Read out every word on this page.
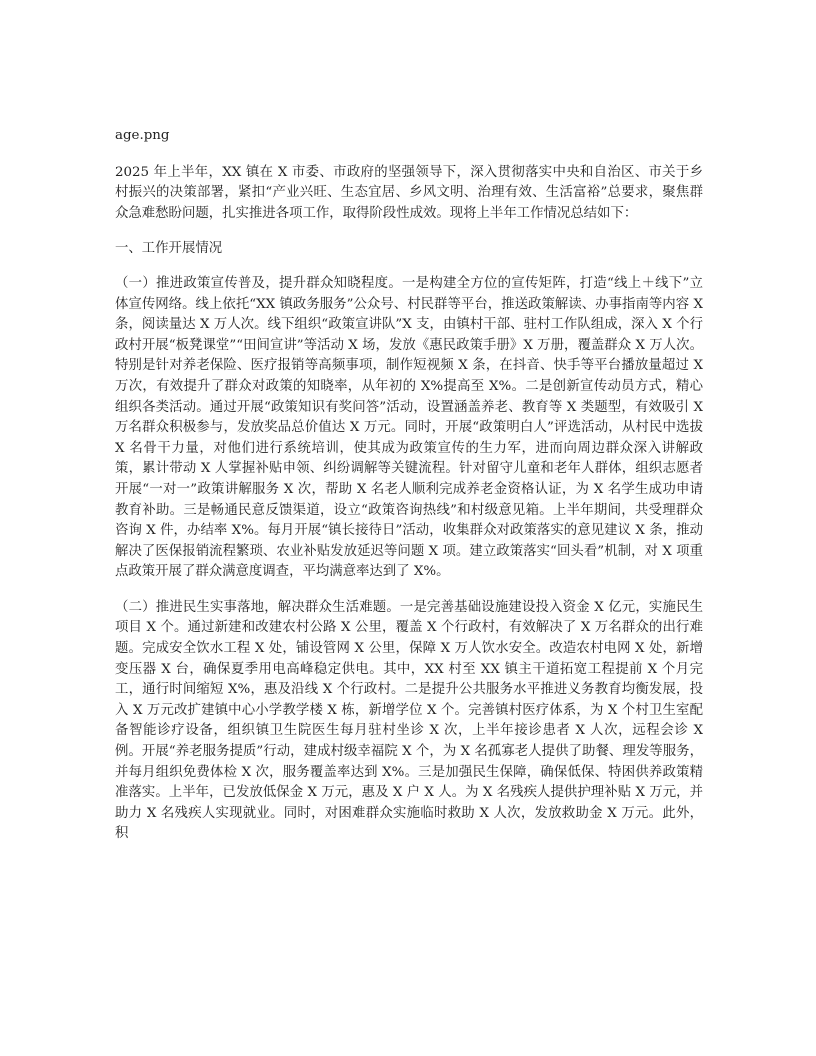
age.png

2025 年上半年，XX 镇在 X 市委、市政府的坚强领导下，深入贯彻落实中央和自治区、市关于乡村振兴的决策部署，紧扣“产业兴旺、生态宜居、乡风文明、治理有效、生活富裕”总要求，聚焦群众急难愁盼问题，扎实推进各项工作，取得阶段性成效。现将上半年工作情况总结如下：

一、工作开展情况

（一）推进政策宣传普及，提升群众知晓程度。一是构建全方位的宣传矩阵，打造“线上＋线下”立体宣传网络。线上依托“XX 镇政务服务”公众号、村民群等平台，推送政策解读、办事指南等内容 X 条，阅读量达 X 万人次。线下组织“政策宣讲队”X 支，由镇村干部、驻村工作队组成，深入 X 个行政村开展“板凳课堂”“田间宣讲”等活动 X 场，发放《惠民政策手册》X 万册，覆盖群众 X 万人次。特别是针对养老保险、医疗报销等高频事项，制作短视频 X 条，在抖音、快手等平台播放量超过 X 万次，有效提升了群众对政策的知晓率，从年初的 X%提高至 X%。二是创新宣传动员方式，精心组织各类活动。通过开展“政策知识有奖问答”活动，设置涵盖养老、教育等 X 类题型，有效吸引 X 万名群众积极参与，发放奖品总价值达 X 万元。同时，开展“政策明白人”评选活动，从村民中选拔 X 名骨干力量，对他们进行系统培训，使其成为政策宣传的生力军，进而向周边群众深入讲解政策，累计带动 X 人掌握补贴申领、纠纷调解等关键流程。针对留守儿童和老年人群体，组织志愿者开展“一对一”政策讲解服务 X 次，帮助 X 名老人顺利完成养老金资格认证，为 X 名学生成功申请教育补助。三是畅通民意反馈渠道，设立“政策咨询热线”和村级意见箱。上半年期间，共受理群众咨询 X 件，办结率 X%。每月开展“镇长接待日”活动，收集群众对政策落实的意见建议 X 条，推动解决了医保报销流程繁琐、农业补贴发放延迟等问题 X 项。建立政策落实“回头看”机制，对 X 项重点政策开展了群众满意度调查，平均满意率达到了 X%。

（二）推进民生实事落地，解决群众生活难题。一是完善基础设施建设投入资金 X 亿元，实施民生项目 X 个。通过新建和改建农村公路 X 公里，覆盖 X 个行政村，有效解决了 X 万名群众的出行难题。完成安全饮水工程 X 处，铺设管网 X 公里，保障 X 万人饮水安全。改造农村电网 X 处，新增变压器 X 台，确保夏季用电高峰稳定供电。其中，XX 村至 XX 镇主干道拓宽工程提前 X 个月完工，通行时间缩短 X%，惠及沿线 X 个行政村。二是提升公共服务水平推进义务教育均衡发展，投入 X 万元改扩建镇中心小学教学楼 X 栋，新增学位 X 个。完善镇村医疗体系，为 X 个村卫生室配备智能诊疗设备，组织镇卫生院医生每月驻村坐诊 X 次，上半年接诊患者 X 人次，远程会诊 X 例。开展“养老服务提质”行动，建成村级幸福院 X 个，为 X 名孤寡老人提供了助餐、理发等服务，并每月组织免费体检 X 次，服务覆盖率达到 X%。三是加强民生保障，确保低保、特困供养政策精准落实。上半年，已发放低保金 X 万元，惠及 X 户 X 人。为 X 名残疾人提供护理补贴 X 万元，并助力 X 名残疾人实现就业。同时，对困难群众实施临时救助 X 人次，发放救助金 X 万元。此外，积
